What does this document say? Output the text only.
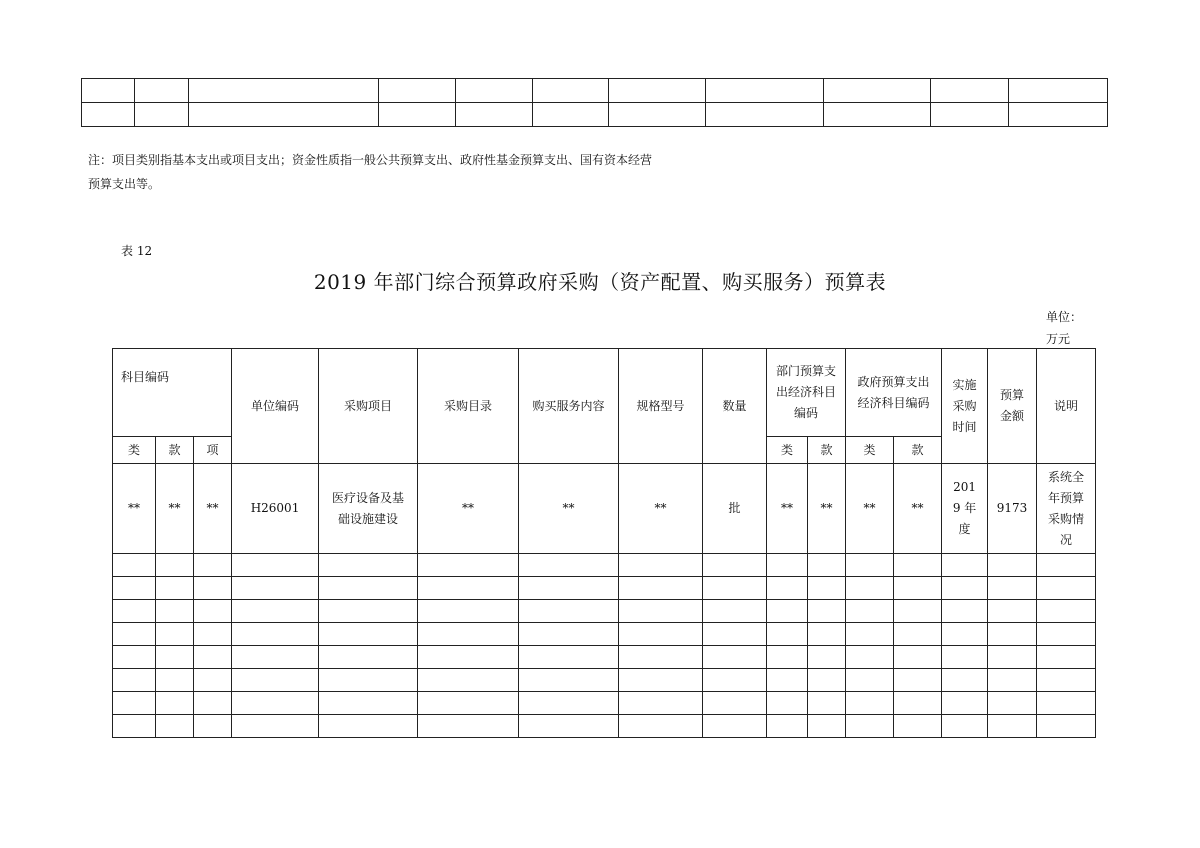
注：项目类别指基本支出或项目支出；资金性质指一般公共预算支出、政府性基金预算支出、国有资本经营
预算支出等。
表 12
2019 年部门综合预算政府采购（资产配置、购买服务）预算表
单位：万元
科目编码			单位编码	采购项目	采购目录	购买服务内容	规格型号	数量	部门预算支出经济科目编码		政府预算支出经济科目编码		实施采购时间	预算金额	说明
类	款	项							类	款	类	款			
**	**	**	H26001	医疗设备及基础设施建设	**	**	**	批	**	**	**	**	2019 年度	9173	系统全年预算采购情况
